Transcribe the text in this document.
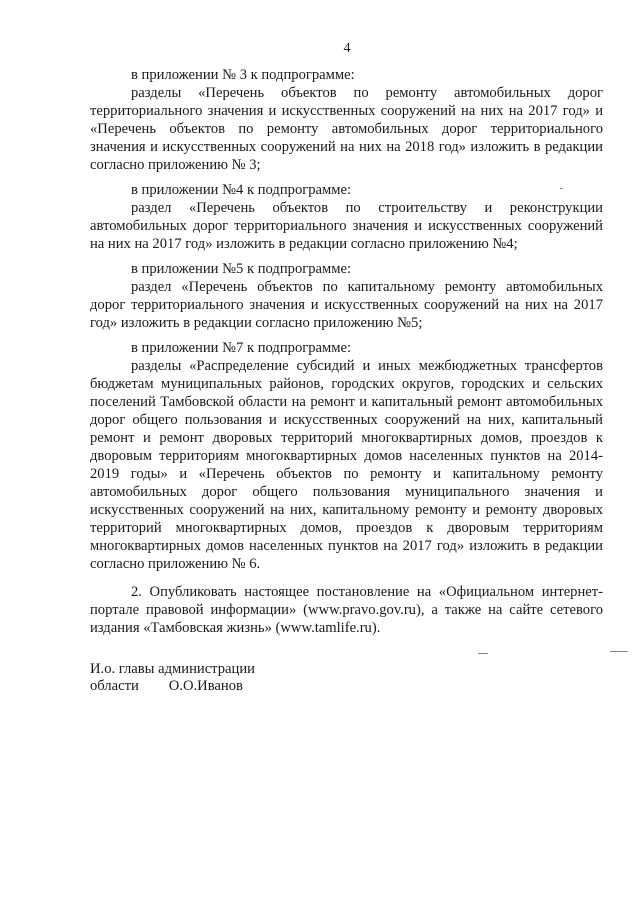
4

в приложении № 3 к подпрограмме:

разделы «Перечень объектов по ремонту автомобильных дорог территориального значения и искусственных сооружений на них на 2017 год» и «Перечень объектов по ремонту автомобильных дорог территориального значения и искусственных сооружений на них на 2018 год» изложить в редакции согласно приложению № 3;

в приложении №4 к подпрограмме:

раздел «Перечень объектов по строительству и реконструкции автомобильных дорог территориального значения и искусственных сооружений на них на 2017 год» изложить в редакции согласно приложению №4;

в приложении №5 к подпрограмме:

раздел «Перечень объектов по капитальному ремонту автомобильных дорог территориального значения и искусственных сооружений на них на 2017 год» изложить в редакции согласно приложению №5;

в приложении №7 к подпрограмме:

разделы «Распределение субсидий и иных межбюджетных трансфертов бюджетам муниципальных районов, городских округов, городских и сельских поселений Тамбовской области на ремонт и капитальный ремонт автомобильных дорог общего пользования и искусственных сооружений на них, капитальный ремонт и ремонт дворовых территорий многоквартирных домов, проездов к дворовым территориям многоквартирных домов населенных пунктов на 2014-2019 годы» и «Перечень объектов по ремонту и капитальному ремонту автомобильных дорог общего пользования муниципального значения и искусственных сооружений на них, капитальному ремонту и ремонту дворовых территорий многоквартирных домов, проездов к дворовым территориям многоквартирных домов населенных пунктов на 2017 год» изложить в редакции согласно приложению № 6.

2. Опубликовать настоящее постановление на «Официальном интернет-портале правовой информации» (www.pravo.gov.ru), а также на сайте сетевого издания «Тамбовская жизнь» (www.tamlife.ru).

И.о. главы администрации
области О.О.Иванов
